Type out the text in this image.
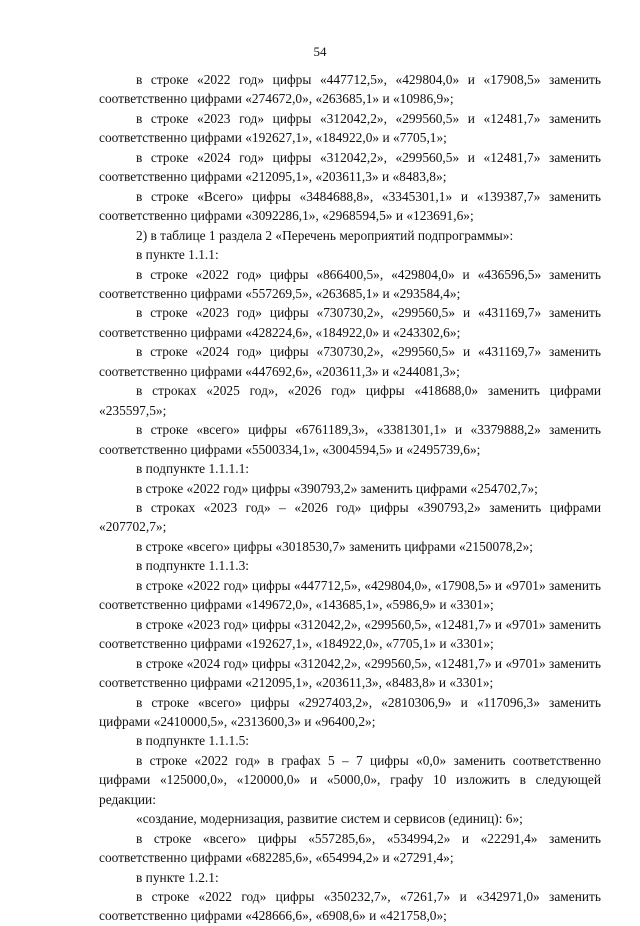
54

в строке «2022 год» цифры «447712,5», «429804,0» и «17908,5» заменить соответственно цифрами «274672,0», «263685,1» и «10986,9»;

в строке «2023 год» цифры «312042,2», «299560,5» и «12481,7» заменить соответственно цифрами «192627,1», «184922,0» и «7705,1»;

в строке «2024 год» цифры «312042,2», «299560,5» и «12481,7» заменить соответственно цифрами «212095,1», «203611,3» и «8483,8»;

в строке «Всего» цифры «3484688,8», «3345301,1» и «139387,7» заменить соответственно цифрами «3092286,1», «2968594,5» и «123691,6»;

2) в таблице 1 раздела 2 «Перечень мероприятий подпрограммы»:

в пункте 1.1.1:

в строке «2022 год» цифры «866400,5», «429804,0» и «436596,5» заменить соответственно цифрами «557269,5», «263685,1» и «293584,4»;

в строке «2023 год» цифры «730730,2», «299560,5» и «431169,7» заменить соответственно цифрами «428224,6», «184922,0» и «243302,6»;

в строке «2024 год» цифры «730730,2», «299560,5» и «431169,7» заменить соответственно цифрами «447692,6», «203611,3» и «244081,3»;

в строках «2025 год», «2026 год» цифры «418688,0» заменить цифрами «235597,5»;

в строке «всего» цифры «6761189,3», «3381301,1» и «3379888,2» заменить соответственно цифрами «5500334,1», «3004594,5» и «2495739,6»;

в подпункте 1.1.1.1:

в строке «2022 год» цифры «390793,2» заменить цифрами «254702,7»;

в строках «2023 год» – «2026 год» цифры «390793,2» заменить цифрами «207702,7»;

в строке «всего» цифры «3018530,7» заменить цифрами «2150078,2»;

в подпункте 1.1.1.3:

в строке «2022 год» цифры «447712,5», «429804,0», «17908,5» и «9701» заменить соответственно цифрами «149672,0», «143685,1», «5986,9» и «3301»;

в строке «2023 год» цифры «312042,2», «299560,5», «12481,7» и «9701» заменить соответственно цифрами «192627,1», «184922,0», «7705,1» и «3301»;

в строке «2024 год» цифры «312042,2», «299560,5», «12481,7» и «9701» заменить соответственно цифрами «212095,1», «203611,3», «8483,8» и «3301»;

в строке «всего» цифры «2927403,2», «2810306,9» и «117096,3» заменить цифрами «2410000,5», «2313600,3» и «96400,2»;

в подпункте 1.1.1.5:

в строке «2022 год» в графах 5 – 7 цифры «0,0» заменить соответственно цифрами «125000,0», «120000,0» и «5000,0», графу 10 изложить в следующей редакции:

«создание, модернизация, развитие систем и сервисов (единиц): 6»;

в строке «всего» цифры «557285,6», «534994,2» и «22291,4» заменить соответственно цифрами «682285,6», «654994,2» и «27291,4»;

в пункте 1.2.1:

в строке «2022 год» цифры «350232,7», «7261,7» и «342971,0» заменить соответственно цифрами «428666,6», «6908,6» и «421758,0»;
